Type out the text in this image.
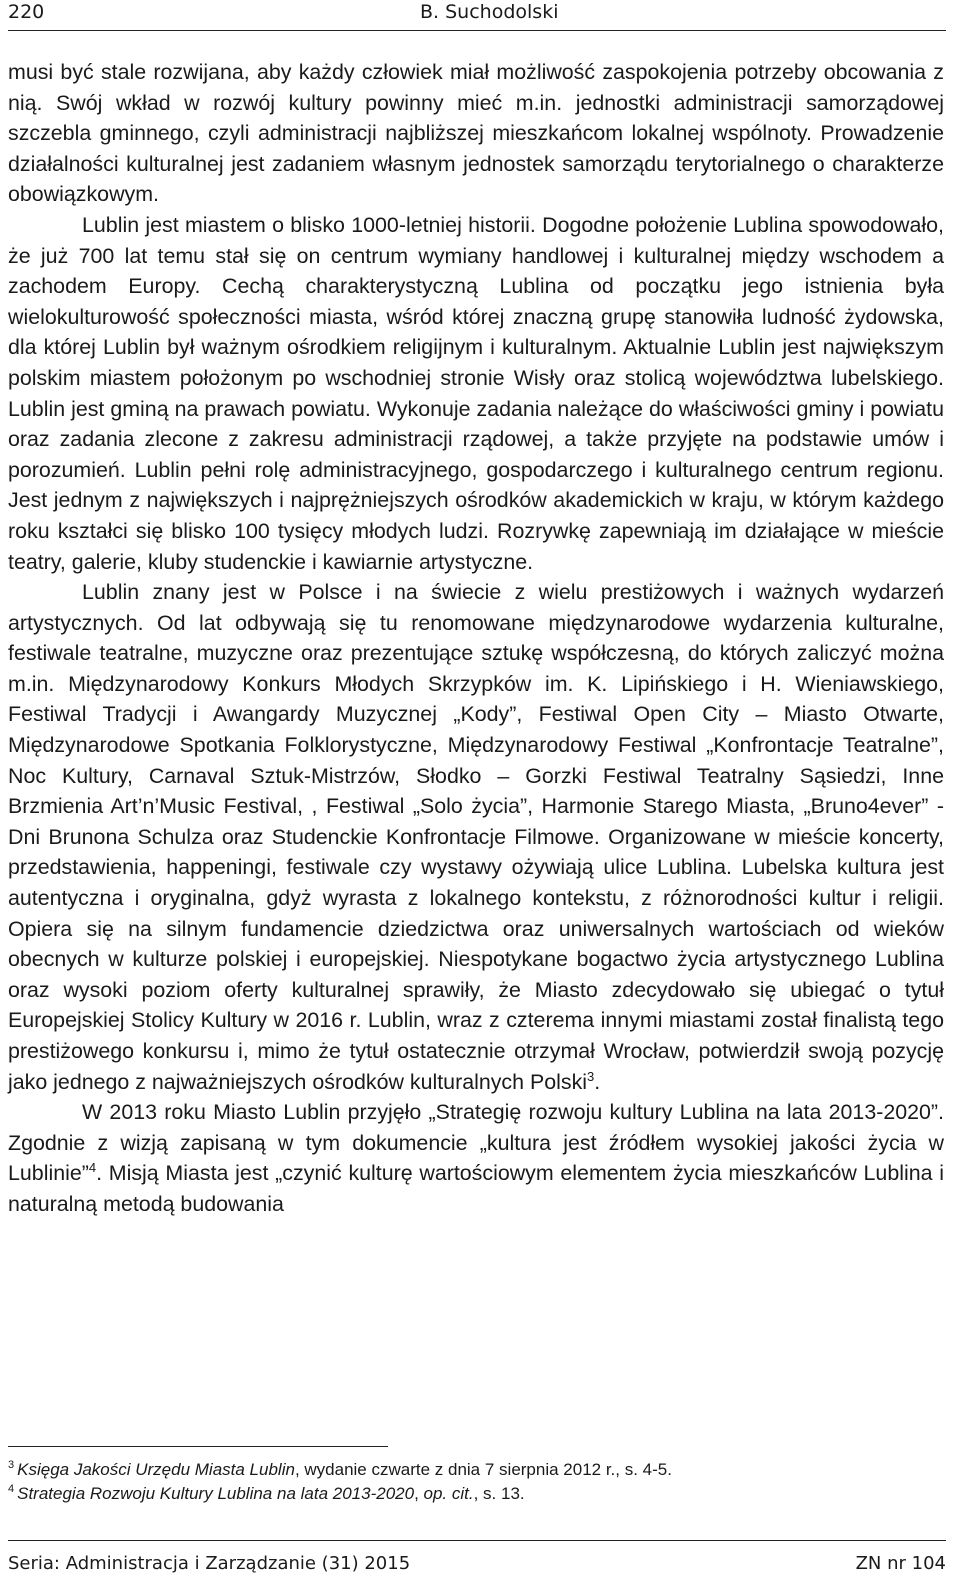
220	B. Suchodolski

musi być stale rozwijana, aby każdy człowiek miał możliwość zaspokojenia potrzeby obcowania z nią. Swój wkład w rozwój kultury powinny mieć m.in. jednostki administracji samorządowej szczebla gminnego, czyli administracji najbliższej mieszkańcom lokalnej wspólnoty. Prowadzenie działalności kulturalnej jest zadaniem własnym jednostek samorządu terytorialnego o charakterze obowiązkowym.

Lublin jest miastem o blisko 1000-letniej historii. Dogodne położenie Lublina spowodowało, że już 700 lat temu stał się on centrum wymiany handlowej i kulturalnej między wschodem a zachodem Europy. Cechą charakterystyczną Lublina od początku jego istnienia była wielokulturowość społeczności miasta, wśród której znaczną grupę stanowiła ludność żydowska, dla której Lublin był ważnym ośrodkiem religijnym i kulturalnym. Aktualnie Lublin jest największym polskim miastem położonym po wschodniej stronie Wisły oraz stolicą województwa lubelskiego. Lublin jest gminą na prawach powiatu. Wykonuje zadania należące do właściwości gminy i powiatu oraz zadania zlecone z zakresu administracji rządowej, a także przyjęte na podstawie umów i porozumień. Lublin pełni rolę administracyjnego, gospodarczego i kulturalnego centrum regionu. Jest jednym z największych i najprężniejszych ośrodków akademickich w kraju, w którym każdego roku kształci się blisko 100 tysięcy młodych ludzi. Rozrywkę zapewniają im działające w mieście teatry, galerie, kluby studenckie i kawiarnie artystyczne.

Lublin znany jest w Polsce i na świecie z wielu prestiżowych i ważnych wydarzeń artystycznych. Od lat odbywają się tu renomowane międzynarodowe wydarzenia kulturalne, festiwale teatralne, muzyczne oraz prezentujące sztukę współczesną, do których zaliczyć można m.in. Międzynarodowy Konkurs Młodych Skrzypków im. K. Lipińskiego i H. Wieniawskiego, Festiwal Tradycji i Awangardy Muzycznej „Kody”, Festiwal Open City – Miasto Otwarte, Międzynarodowe Spotkania Folklorystyczne, Międzynarodowy Festiwal „Konfrontacje Teatralne”, Noc Kultury, Carnaval Sztuk-Mistrzów, Słodko – Gorzki Festiwal Teatralny Sąsiedzi, Inne Brzmienia Art’n’Music Festival, , Festiwal „Solo życia”, Harmonie Starego Miasta, „Bruno4ever” - Dni Brunona Schulza oraz Studenckie Konfrontacje Filmowe. Organizowane w mieście koncerty, przedstawienia, happeningi, festiwale czy wystawy ożywiają ulice Lublina. Lubelska kultura jest autentyczna i oryginalna, gdyż wyrasta z lokalnego kontekstu, z różnorodności kultur i religii. Opiera się na silnym fundamencie dziedzictwa oraz uniwersalnych wartościach od wieków obecnych w kulturze polskiej i europejskiej. Niespotykane bogactwo życia artystycznego Lublina oraz wysoki poziom oferty kulturalnej sprawiły, że Miasto zdecydowało się ubiegać o tytuł Europejskiej Stolicy Kultury w 2016 r. Lublin, wraz z czterema innymi miastami został finalistą tego prestiżowego konkursu i, mimo że tytuł ostatecznie otrzymał Wrocław, potwierdził swoją pozycję jako jednego z najważniejszych ośrodków kulturalnych Polski$^3$.

W 2013 roku Miasto Lublin przyjęło „Strategię rozwoju kultury Lublina na lata 2013-2020”. Zgodnie z wizją zapisaną w tym dokumencie „kultura jest źródłem wysokiej jakości życia w Lublinie”$^4$. Misją Miasta jest „czynić kulturę wartościowym elementem życia mieszkańców Lublina i naturalną metodą budowania

$^3$ Księga Jakości Urzędu Miasta Lublin, wydanie czwarte z dnia 7 sierpnia 2012 r., s. 4-5.

$^4$ Strategia Rozwoju Kultury Lublina na lata 2013-2020, op. cit., s. 13.

Seria: Administracja i Zarządzanie (31) 2015	ZN nr 104
